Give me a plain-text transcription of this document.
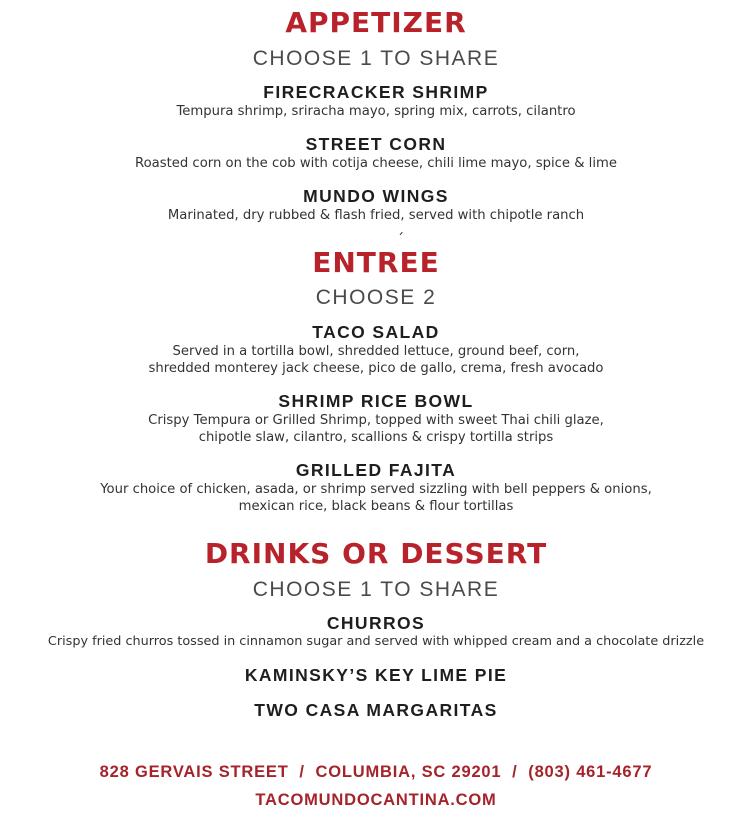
APPETIZER
CHOOSE 1 TO SHARE
FIRECRACKER SHRIMP
Tempura shrimp, sriracha mayo, spring mix, carrots, cilantro
STREET CORN
Roasted corn on the cob with cotija cheese, chili lime mayo, spice & lime
MUNDO WINGS
Marinated, dry rubbed & flash fried, served with chipotle ranch
ˊ
ENTREE
CHOOSE 2
TACO SALAD
Served in a tortilla bowl, shredded lettuce, ground beef, corn,
shredded monterey jack cheese, pico de gallo, crema, fresh avocado
SHRIMP RICE BOWL
Crispy Tempura or Grilled Shrimp, topped with sweet Thai chili glaze,
chipotle slaw, cilantro, scallions & crispy tortilla strips
GRILLED FAJITA
Your choice of chicken, asada, or shrimp served sizzling with bell peppers & onions,
mexican rice, black beans & flour tortillas
DRINKS OR DESSERT
CHOOSE 1 TO SHARE
CHURROS
Crispy fried churros tossed in cinnamon sugar and served with whipped cream and a chocolate drizzle
KAMINSKY’S KEY LIME PIE
TWO CASA MARGARITAS
828 GERVAIS STREET  /  COLUMBIA, SC 29201  /  (803) 461-4677
TACOMUNDOCANTINA.COM
